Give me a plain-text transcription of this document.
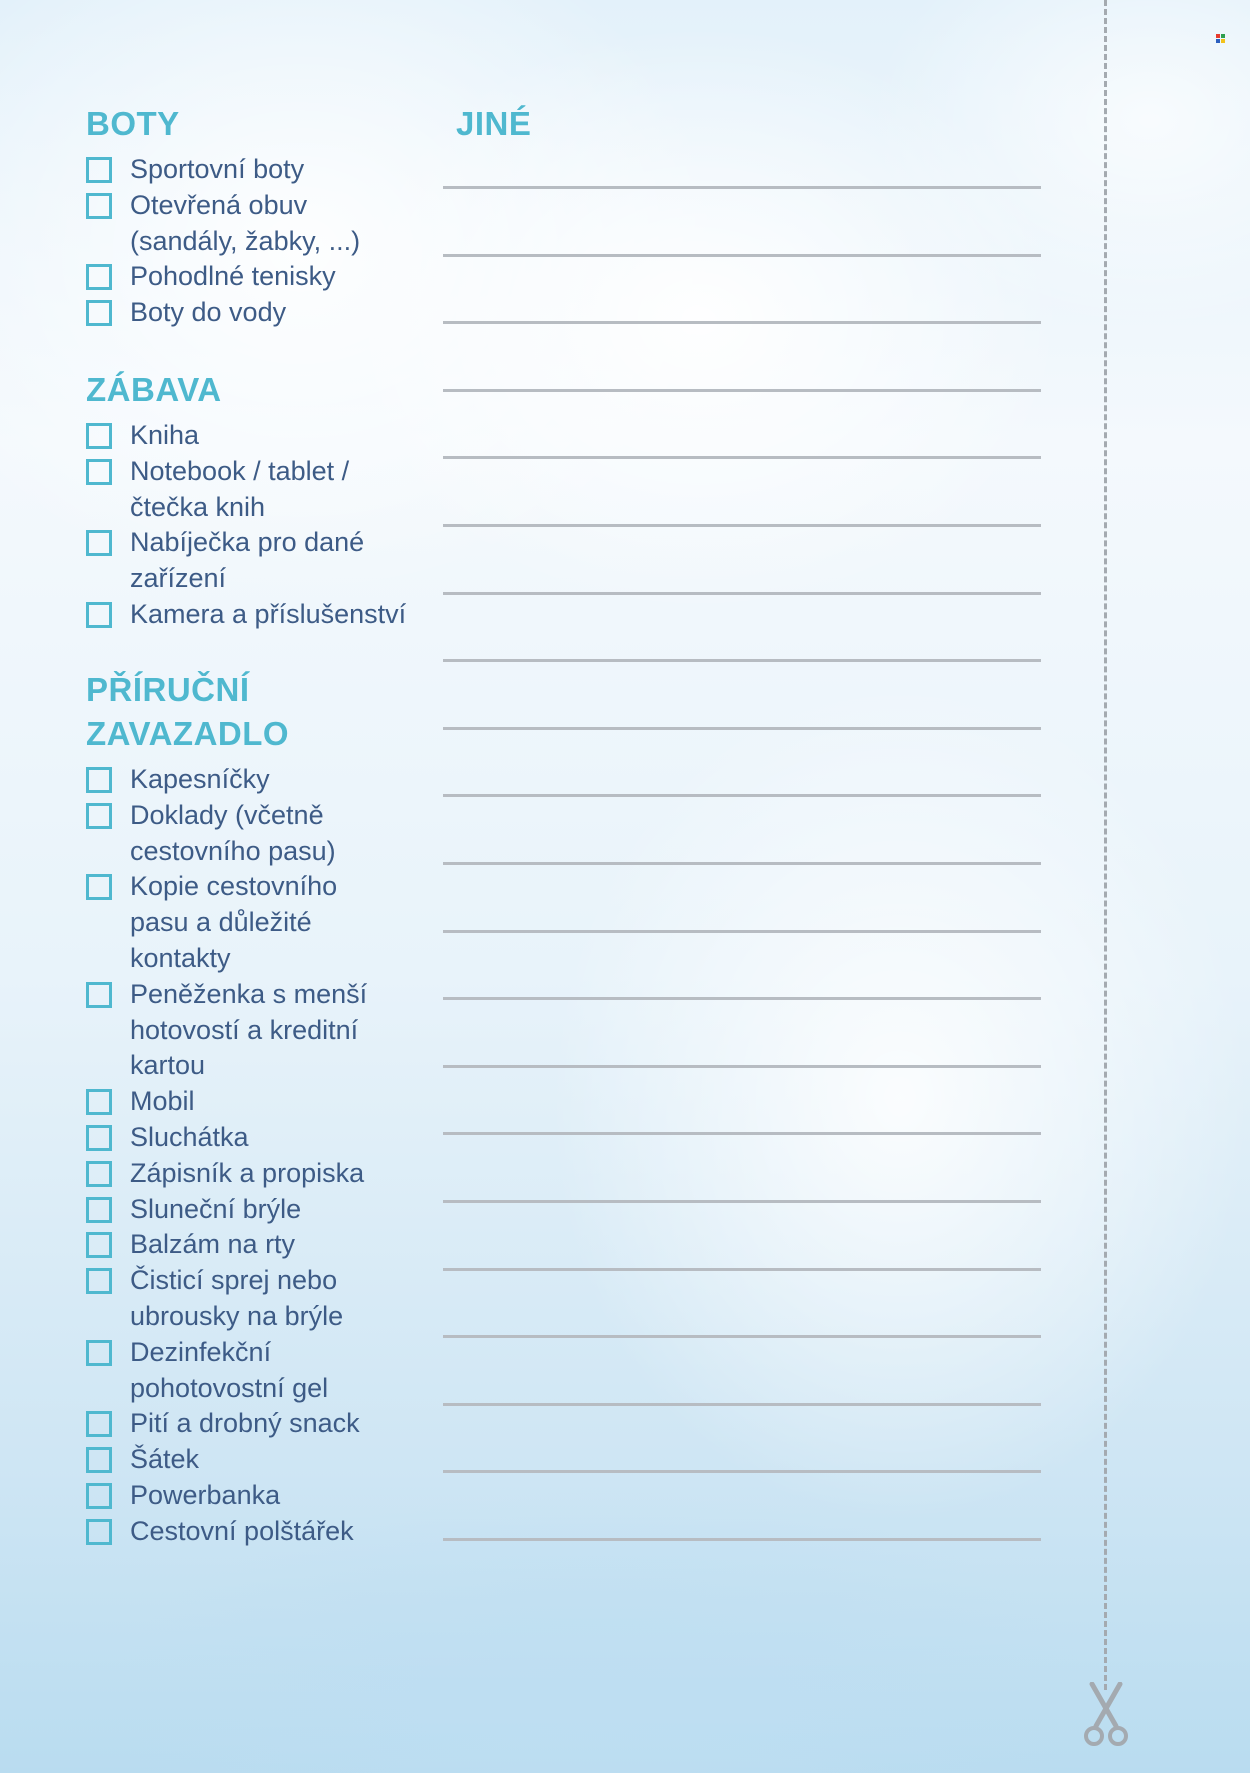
BOTY
Sportovní boty
Otevřená obuv (sandály, žabky, ...)
Pohodlné tenisky
Boty do vody
ZÁBAVA
Kniha
Notebook / tablet / čtečka knih
Nabíječka pro dané zařízení
Kamera a příslušenství
PŘÍRUČNÍ
ZAVAZADLO
Kapesníčky
Doklady (včetně cestovního pasu)
Kopie cestovního pasu a důležité kontakty
Peněženka s menší hotovostí a kreditní kartou
Mobil
Sluchátka
Zápisník a propiska
Sluneční brýle
Balzám na rty
Čisticí sprej nebo ubrousky na brýle
Dezinfekční pohotovostní gel
Pití a drobný snack
Šátek
Powerbanka
Cestovní polštářek
JINÉ
